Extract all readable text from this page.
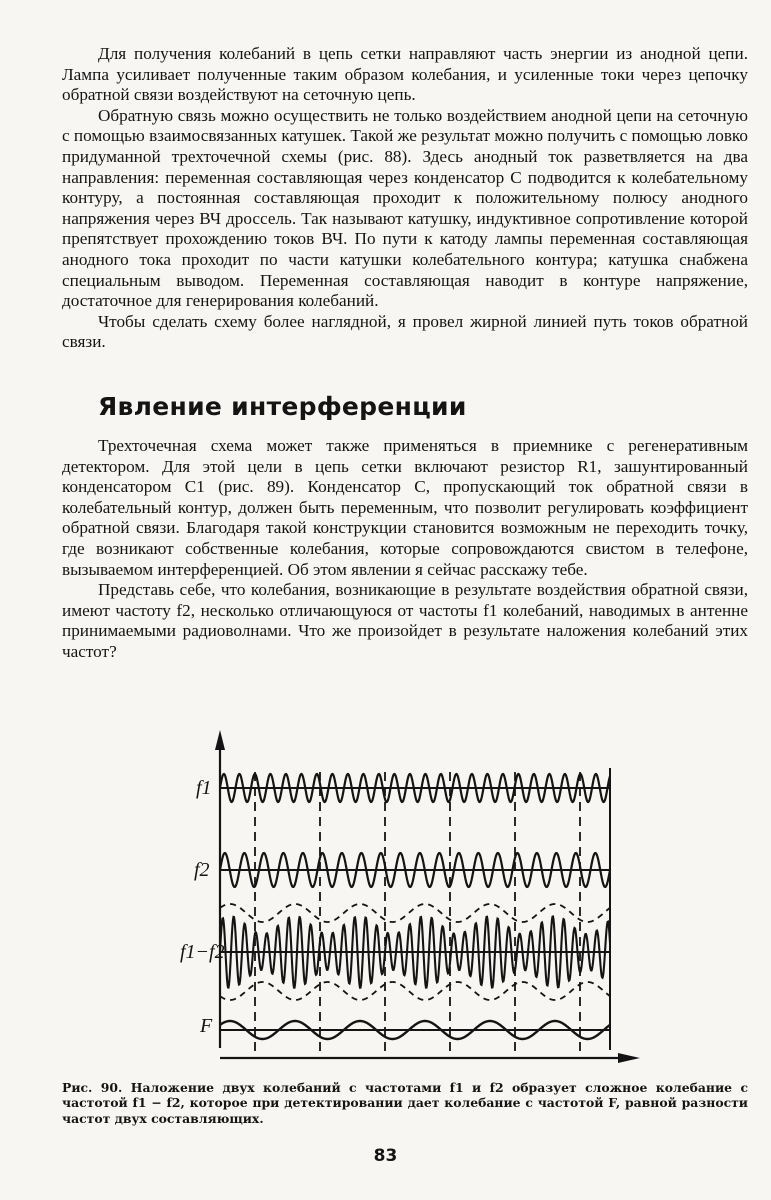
Для получения колебаний в цепь сетки направляют часть энергии из анодной цепи. Лампа усиливает полученные таким образом колебания, и усиленные токи через цепочку обратной связи воздействуют на сеточную цепь.

Обратную связь можно осуществить не только воздействием анодной цепи на сеточную с помощью взаимосвязанных катушек. Такой же результат можно получить с помощью ловко придуманной трехточечной схемы (рис. 88). Здесь анодный ток разветвляется на два направления: переменная составляющая через конденсатор C подводится к колебательному контуру, а постоянная составляющая проходит к положительному полюсу анодного напряжения через ВЧ дроссель. Так называют катушку, индуктивное сопротивление которой препятствует прохождению токов ВЧ. По пути к катоду лампы переменная составляющая анодного тока проходит по части катушки колебательного контура; катушка снабжена специальным выводом. Переменная составляющая наводит в контуре напряжение, достаточное для генерирования колебаний.

Чтобы сделать схему более наглядной, я провел жирной линией путь токов обратной связи.

Явление интерференции

Трехточечная схема может также применяться в приемнике с регенеративным детектором. Для этой цели в цепь сетки включают резистор R1, зашунтированный конденсатором C1 (рис. 89). Конденсатор C, пропускающий ток обратной связи в колебательный контур, должен быть переменным, что позволит регулировать коэффициент обратной связи. Благодаря такой конструкции становится возможным не переходить точку, где возникают собственные колебания, которые сопровождаются свистом в телефоне, вызываемом интерференцией. Об этом явлении я сейчас расскажу тебе.

Представь себе, что колебания, возникающие в результате воздействия обратной связи, имеют частоту f2, несколько отличающуюся от частоты f1 колебаний, наводимых в антенне принимаемыми радиоволнами. Что же произойдет в результате наложения колебаний этих частот?

f1
f2
f1−f2
F
Рис. 90. Наложение двух колебаний с частотами f1 и f2 образует сложное колебание с частотой f1 − f2, которое при детектировании дает колебание с частотой F, равной разности частот двух составляющих.
83
